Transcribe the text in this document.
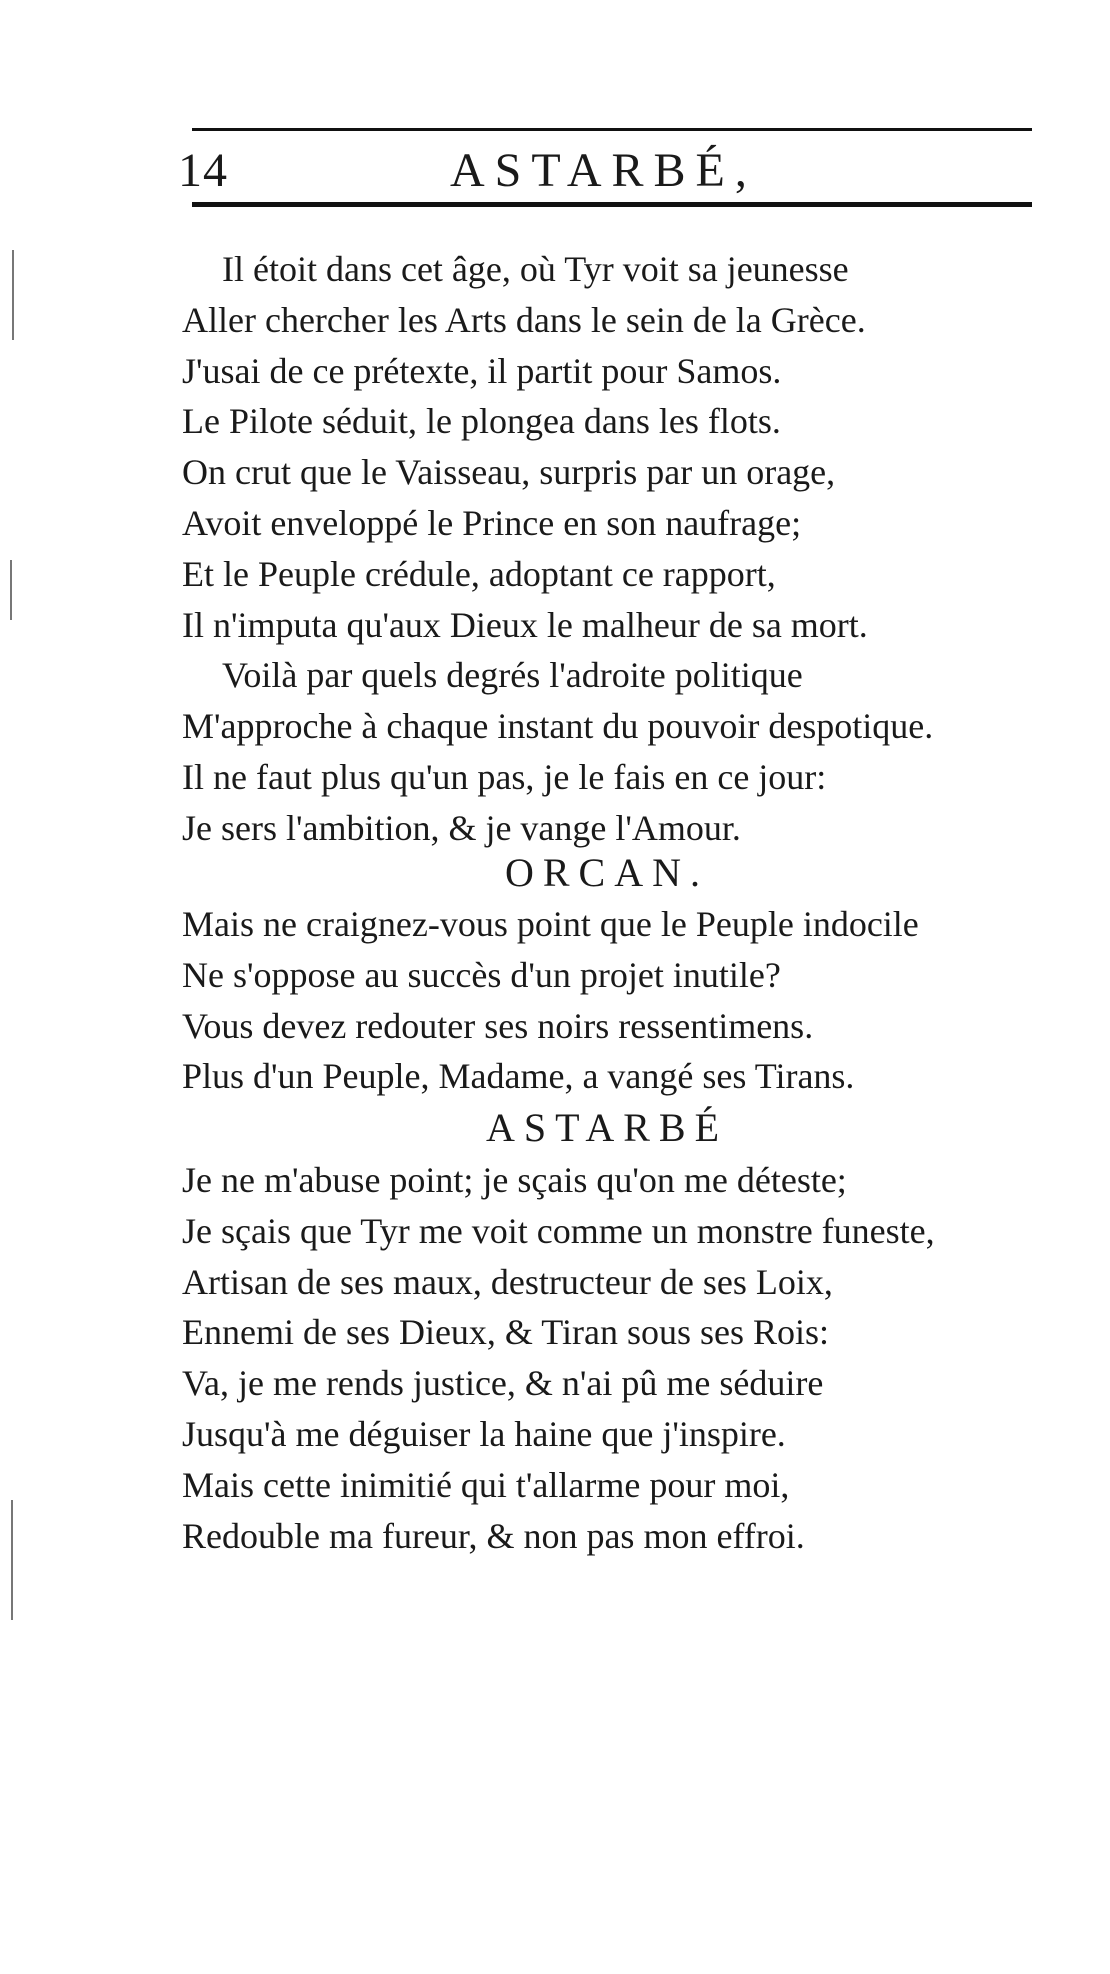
14	ASTARBÉ,
Il étoit dans cet âge, où Tyr voit sa jeunesse
Aller chercher les Arts dans le sein de la Grèce.
J'usai de ce prétexte, il partit pour Samos.
Le Pilote séduit, le plongea dans les flots.
On crut que le Vaisseau, surpris par un orage,
Avoit enveloppé le Prince en son naufrage;
Et le Peuple crédule, adoptant ce rapport,
Il n'imputa qu'aux Dieux le malheur de sa mort.
Voilà par quels degrés l'adroite politique
M'approche à chaque instant du pouvoir despotique.
Il ne faut plus qu'un pas, je le fais en ce jour:
Je sers l'ambition, & je vange l'Amour.
ORCAN.
Mais ne craignez-vous point que le Peuple indocile
Ne s'oppose au succès d'un projet inutile?
Vous devez redouter ses noirs ressentimens.
Plus d'un Peuple, Madame, a vangé ses Tirans.
ASTARBÉ
Je ne m'abuse point; je sçais qu'on me déteste;
Je sçais que Tyr me voit comme un monstre funeste,
Artisan de ses maux, destructeur de ses Loix,
Ennemi de ses Dieux, & Tiran sous ses Rois:
Va, je me rends justice, & n'ai pû me séduire
Jusqu'à me déguiser la haine que j'inspire.
Mais cette inimitié qui t'allarme pour moi,
Redouble ma fureur, & non pas mon effroi.
